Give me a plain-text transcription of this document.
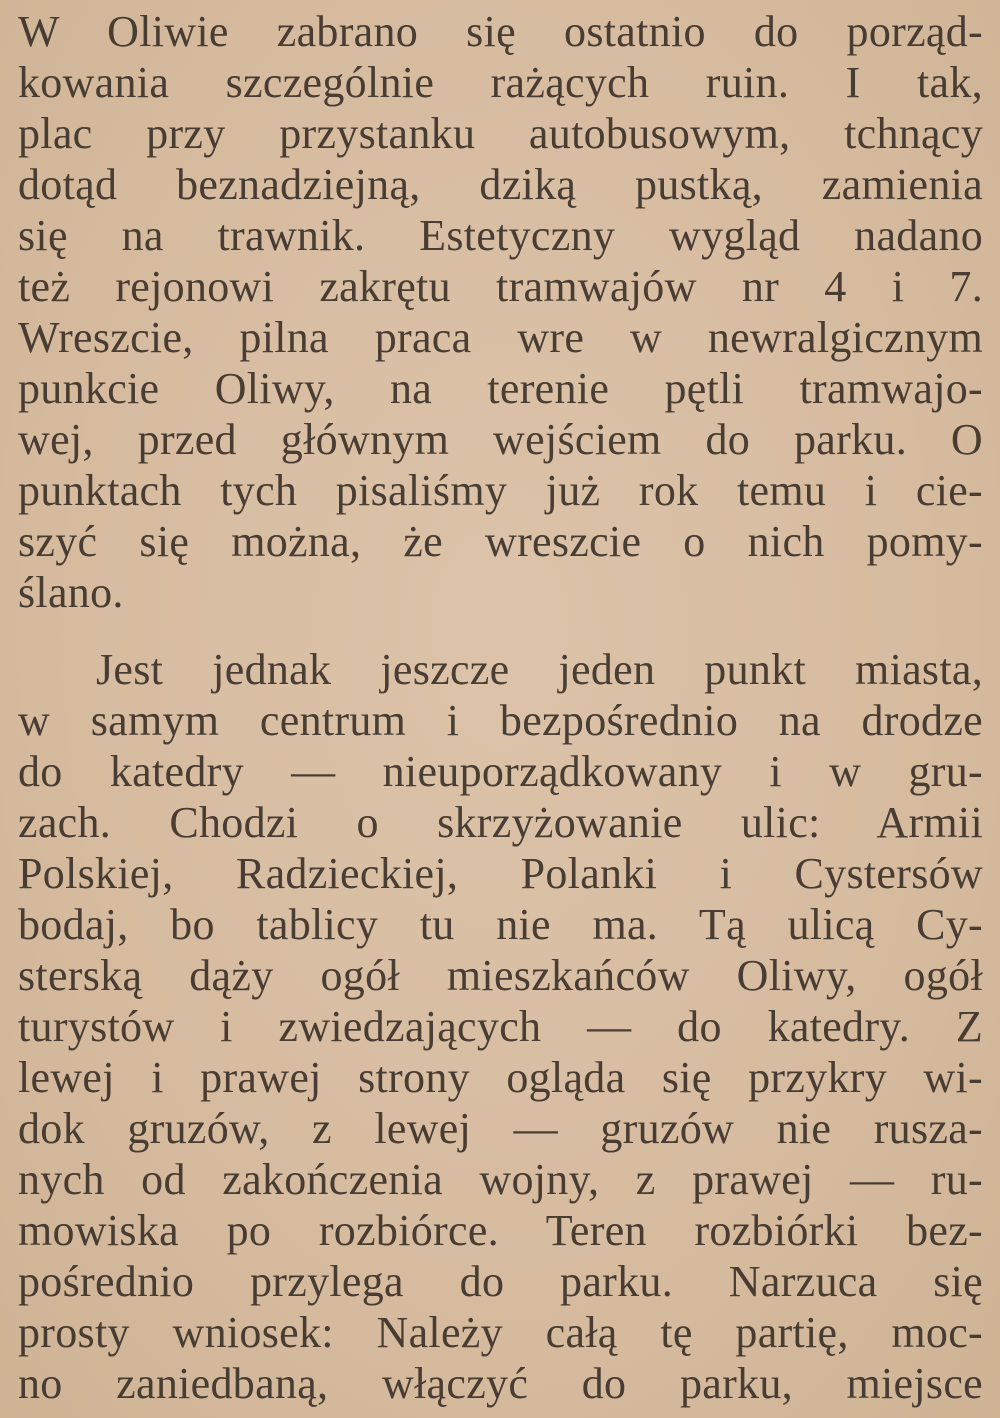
W Oliwie zabrano się ostatnio do porząd-
kowania szczególnie rażących ruin. I tak,
plac przy przystanku autobusowym, tchnący
dotąd beznadziejną, dziką pustką, zamienia
się na trawnik. Estetyczny wygląd nadano
też rejonowi zakrętu tramwajów nr 4 i 7.
Wreszcie, pilna praca wre w newralgicznym
punkcie Oliwy, na terenie pętli tramwajo-
wej, przed głównym wejściem do parku. O
punktach tych pisaliśmy już rok temu i cie-
szyć się można, że wreszcie o nich pomy-
ślano.
Jest jednak jeszcze jeden punkt miasta,
w samym centrum i bezpośrednio na drodze
do katedry — nieuporządkowany i w gru-
zach. Chodzi o skrzyżowanie ulic: Armii
Polskiej, Radzieckiej, Polanki i Cystersów
bodaj, bo tablicy tu nie ma. Tą ulicą Cy-
sterską dąży ogół mieszkańców Oliwy, ogół
turystów i zwiedzających — do katedry. Z
lewej i prawej strony ogląda się przykry wi-
dok gruzów, z lewej — gruzów nie rusza-
nych od zakończenia wojny, z prawej — ru-
mowiska po rozbiórce. Teren rozbiórki bez-
pośrednio przylega do parku. Narzuca się
prosty wniosek: Należy całą tę partię, moc-
no zaniedbaną, włączyć do parku, miejsce
